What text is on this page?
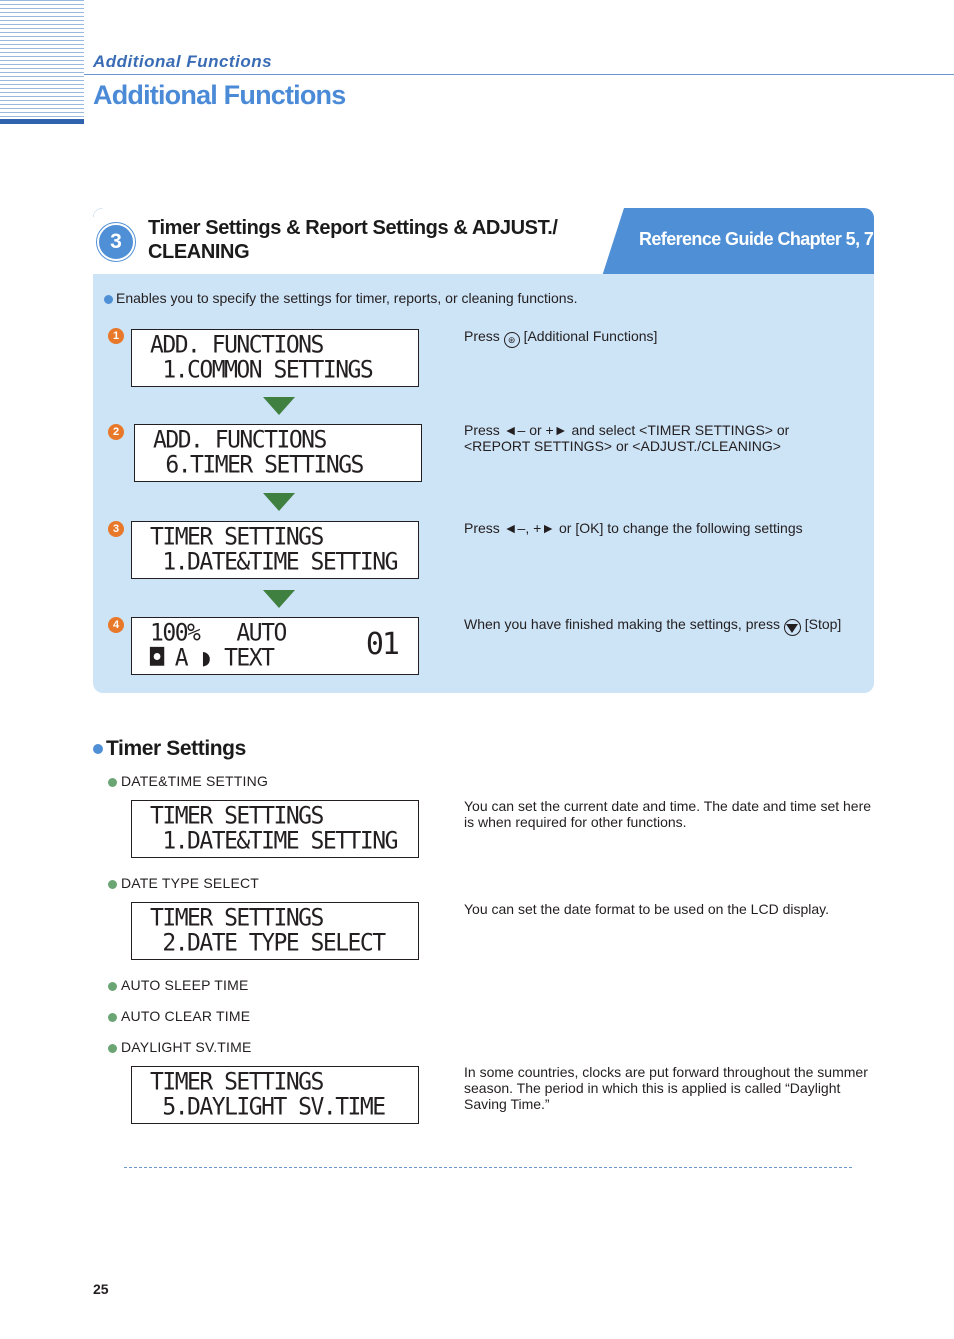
Additional Functions
Additional Functions
3
Timer Settings & Report Settings & ADJUST./ CLEANING
Reference Guide Chapter 5, 7
Enables you to specify the settings for timer, reports, or cleaning functions.
1 ADD. FUNCTIONS
1.COMMON SETTINGS
Press ⊛ [Additional Functions]
2 ADD. FUNCTIONS
6.TIMER SETTINGS
Press ◄– or +► and select <TIMER SETTINGS> or <REPORT SETTINGS> or <ADJUST./CLEANING>
3 TIMER SETTINGS
1.DATE&TIME SETTING
Press ◄–, +► or [OK] to change the following settings
4 100%   AUTO
◘ A ◗ TEXT	01
When you have finished making the settings, press  [Stop]
Timer Settings
DATE&TIME SETTING
TIMER SETTINGS
1.DATE&TIME SETTING
You can set the current date and time. The date and time set here is when required for other functions.
DATE TYPE SELECT
TIMER SETTINGS
2.DATE TYPE SELECT
You can set the date format to be used on the LCD display.
AUTO SLEEP TIME
AUTO CLEAR TIME
DAYLIGHT SV.TIME
TIMER SETTINGS
5.DAYLIGHT SV.TIME
In some countries, clocks are put forward throughout the summer season. The period in which this is applied is called “Daylight Saving Time.”
25
